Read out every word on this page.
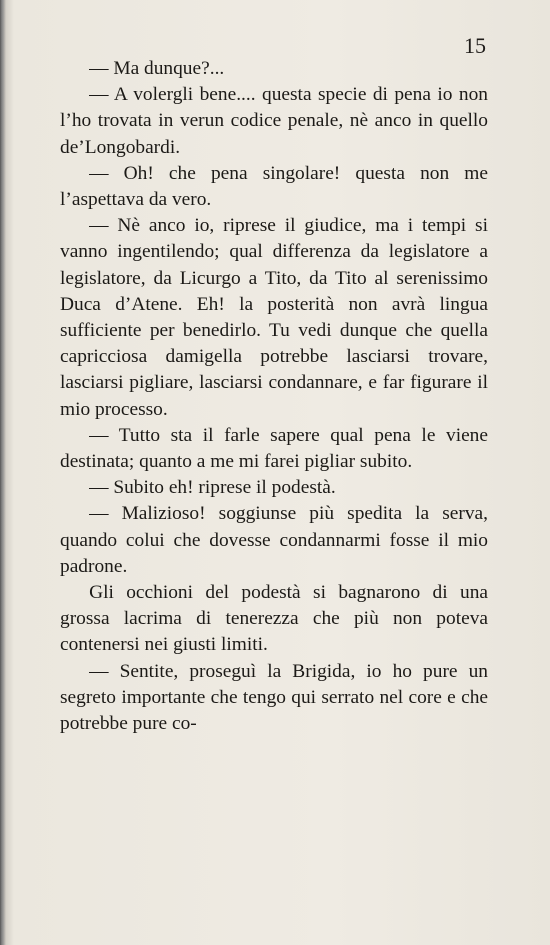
15

— Ma dunque?...

— A volergli bene.... questa specie di pena io non l’ho trovata in verun codice penale, nè anco in quello de’Longobardi.

— Oh! che pena singolare! questa non me l’aspettava da vero.

— Nè anco io, riprese il giudice, ma i tempi si vanno ingentilendo; qual differenza da legislatore a legislatore, da Licurgo a Tito, da Tito al serenissimo Duca d’Atene. Eh! la posterità non avrà lingua sufficiente per benedirlo. Tu vedi dunque che quella capricciosa damigella potrebbe lasciarsi trovare, lasciarsi pigliare, lasciarsi condannare, e far figurare il mio processo.

— Tutto sta il farle sapere qual pena le viene destinata; quanto a me mi farei pigliar subito.

— Subito eh! riprese il podestà.

— Malizioso! soggiunse più spedita la serva, quando colui che dovesse condannarmi fosse il mio padrone.

Gli occhioni del podestà si bagnarono di una grossa lacrima di tenerezza che più non poteva contenersi nei giusti limiti.

— Sentite, proseguì la Brigida, io ho pure un segreto importante che tengo qui serrato nel core e che potrebbe pure co-
